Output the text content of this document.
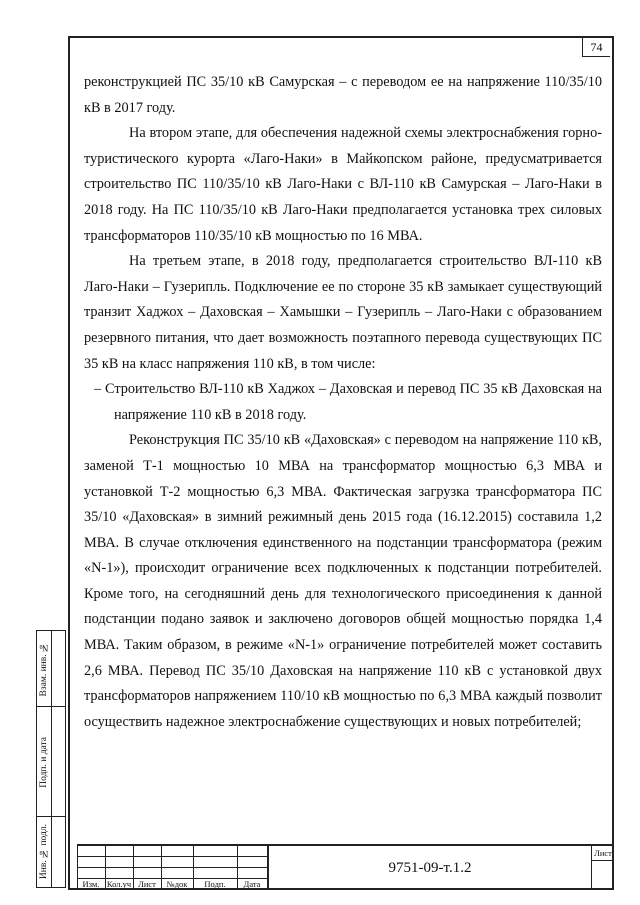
74

реконструкцией ПС 35/10 кВ Самурская – с переводом ее на напряжение 110/35/10 кВ в 2017 году.

На втором этапе, для обеспечения надежной схемы электроснабжения горно-туристического курорта «Лаго-Наки» в Майкопском районе, предусматривается строительство ПС 110/35/10 кВ Лаго-Наки с ВЛ-110 кВ Самурская – Лаго-Наки в 2018 году. На ПС 110/35/10 кВ Лаго-Наки предполагается установка трех силовых трансформаторов 110/35/10 кВ мощностью по 16 МВА.

На третьем этапе, в 2018 году, предполагается строительство ВЛ-110 кВ Лаго-Наки – Гузерипль. Подключение ее по стороне 35 кВ замыкает существующий транзит Хаджох – Даховская – Хамышки – Гузерипль – Лаго-Наки с образованием резервного питания, что дает возможность поэтапного перевода существующих ПС 35 кВ на класс напряжения 110 кВ, в том числе:

– Строительство ВЛ-110 кВ Хаджох – Даховская и перевод ПС 35 кВ Даховская на напряжение 110 кВ в 2018 году.

Реконструкция ПС 35/10 кВ «Даховская» с переводом на напряжение 110 кВ, заменой Т-1 мощностью 10 МВА на трансформатор мощностью 6,3 МВА и установкой Т-2 мощностью 6,3 МВА. Фактическая загрузка трансформатора ПС 35/10 «Даховская» в зимний режимный день 2015 года (16.12.2015) составила 1,2 МВА. В случае отключения единственного на подстанции трансформатора (режим «N-1»), происходит ограничение всех подключенных к подстанции потребителей. Кроме того, на сегодняшний день для технологического присоединения к данной подстанции подано заявок и заключено договоров общей мощностью порядка 1,4 МВА. Таким образом, в режиме «N-1» ограничение потребителей может составить 2,6 МВА. Перевод ПС 35/10 Даховская на напряжение 110 кВ с установкой двух трансформаторов напряжением 110/10 кВ мощностью по 6,3 МВА каждый позволит осуществить надежное электроснабжение существующих и новых потребителей;

Взам. инв. №
Подп. и дата
Инв. № подл.
Изм. Кол.уч Лист	№док	Подп.	Дата
9751-09-т.1.2
Лист
